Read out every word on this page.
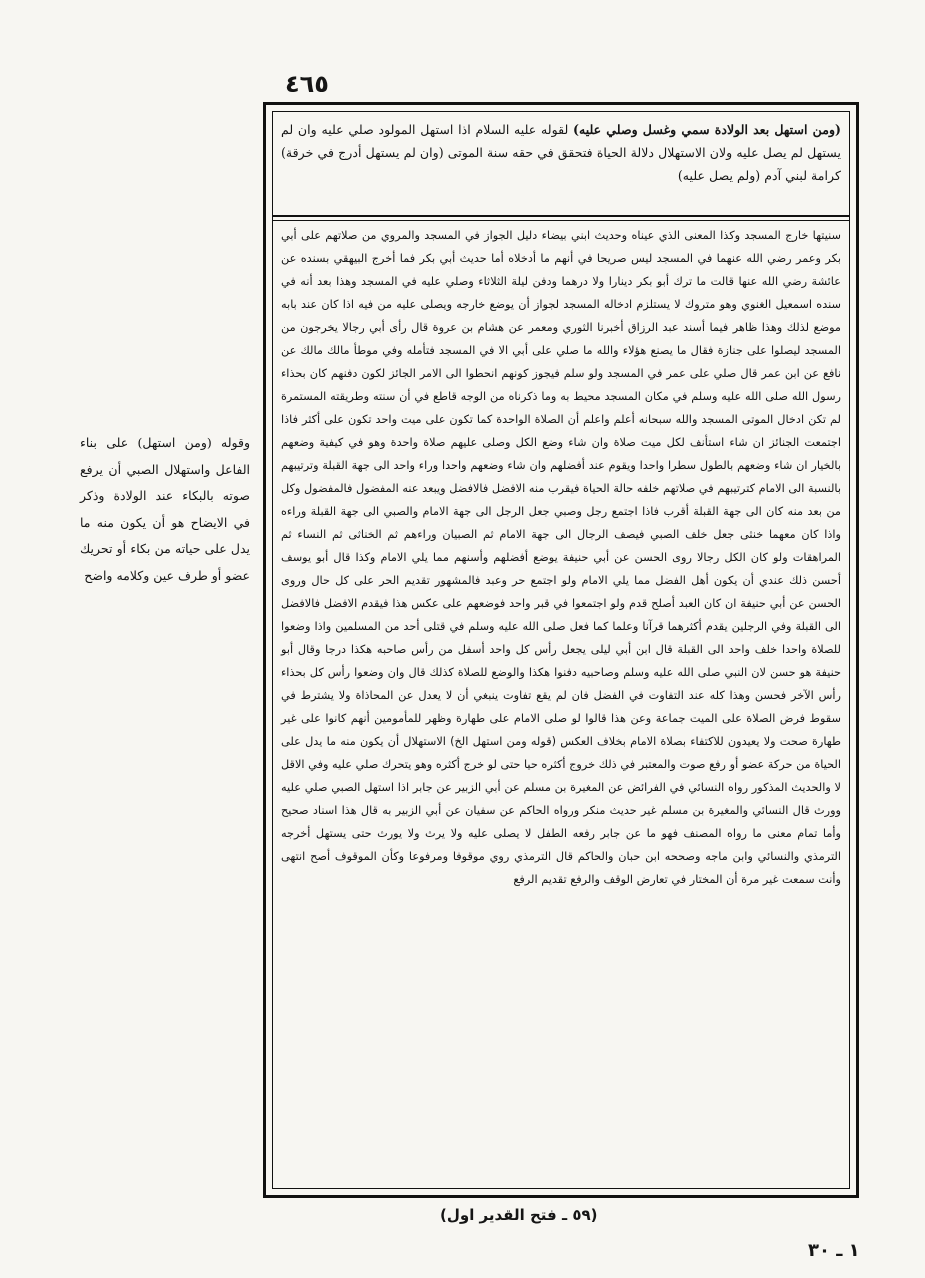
٤٦٥
(ومن استهل بعد الولادة سمي وغسل وصلي عليه) لقوله عليه السلام اذا استهل المولود صلي عليه وان لم يستهل لم يصل عليه ولان الاستهلال دلالة الحياة فتحقق في حقه سنة الموتى (وان لم يستهل أدرج في خرقة) كرامة لبني آدم (ولم يصل عليه)
سنيتها خارج المسجد وكذا المعنى الذي عيناه وحديث ابني بيضاء دليل الجواز في المسجد والمروي من صلاتهم على أبي بكر وعمر رضي الله عنهما في المسجد ليس صريحا في أنهم ما أدخلاه أما حديث أبي بكر فما أخرج البيهقي بسنده عن عائشة رضي الله عنها قالت ما ترك أبو بكر دينارا ولا درهما ودفن ليلة الثلاثاء وصلي عليه في المسجد وهذا بعد أنه في سنده اسمعيل الغنوي وهو متروك لا يستلزم ادخاله المسجد لجواز أن يوضع خارجه ويصلى عليه من فيه اذا كان عند بابه موضع لذلك وهذا ظاهر فيما أسند عبد الرزاق أخبرنا الثوري ومعمر عن هشام بن عروة قال رأى أبي رجالا يخرجون من المسجد ليصلوا على جنازة فقال ما يصنع هؤلاء والله ما صلي على أبي الا في المسجد فتأمله وفي موطأ مالك مالك عن نافع عن ابن عمر قال صلي على عمر في المسجد ولو سلم فيجوز كونهم انحطوا الى الامر الجائز لكون دفنهم كان بحذاء رسول الله صلى الله عليه وسلم في مكان المسجد محيط به وما ذكرناه من الوجه قاطع في أن سنته وطريقته المستمرة لم تكن ادخال الموتى المسجد والله سبحانه أعلم واعلم أن الصلاة الواحدة كما تكون على ميت واحد تكون على أكثر فاذا اجتمعت الجنائز ان شاء استأنف لكل ميت صلاة وان شاء وضع الكل وصلى عليهم صلاة واحدة وهو في كيفية وضعهم بالخيار ان شاء وضعهم بالطول سطرا واحدا ويقوم عند أفضلهم وان شاء وضعهم واحدا وراء واحد الى جهة القبلة وترتيبهم بالنسبة الى الامام كترتيبهم في صلاتهم خلفه حالة الحياة فيقرب منه الافضل فالافضل ويبعد عنه المفضول فالمفضول وكل من بعد منه كان الى جهة القبلة أقرب فاذا اجتمع رجل وصبي جعل الرجل الى جهة الامام والصبي الى جهة القبلة وراءه واذا كان معهما خنثى جعل خلف الصبي فيصف الرجال الى جهة الامام ثم الصبيان وراءهم ثم الخناثى ثم النساء ثم المراهقات ولو كان الكل رجالا روى الحسن عن أبي حنيفة يوضع أفضلهم وأسنهم مما يلي الامام وكذا قال أبو يوسف أحسن ذلك عندي أن يكون أهل الفضل مما يلي الامام ولو اجتمع حر وعبد فالمشهور تقديم الحر على كل حال وروى الحسن عن أبي حنيفة ان كان العبد أصلح قدم ولو اجتمعوا في قبر واحد فوضعهم على عكس هذا فيقدم الافضل فالافضل الى القبلة وفي الرجلين يقدم أكثرهما قرآنا وعلما كما فعل صلى الله عليه وسلم في قتلى أحد من المسلمين واذا وضعوا للصلاة واحدا خلف واحد الى القبلة قال ابن أبي ليلى يجعل رأس كل واحد أسفل من رأس صاحبه هكذا درجا وقال أبو حنيفة هو حسن لان النبي صلى الله عليه وسلم وصاحبيه دفنوا هكذا والوضع للصلاة كذلك قال وان وضعوا رأس كل بحذاء رأس الآخر فحسن وهذا كله عند التفاوت في الفضل فان لم يقع تفاوت ينبغي أن لا يعدل عن المحاذاة ولا يشترط في سقوط فرض الصلاة على الميت جماعة وعن هذا قالوا لو صلى الامام على طهارة وظهر للمأمومين أنهم كانوا على غير طهارة صحت ولا يعيدون للاكتفاء بصلاة الامام بخلاف العكس (قوله ومن استهل الخ) الاستهلال أن يكون منه ما يدل على الحياة من حركة عضو أو رفع صوت والمعتبر في ذلك خروج أكثره حيا حتى لو خرج أكثره وهو يتحرك صلي عليه وفي الاقل لا والحديث المذكور رواه النسائي في الفرائض عن المغيرة بن مسلم عن أبي الزبير عن جابر اذا استهل الصبي صلي عليه وورث قال النسائي والمغيرة بن مسلم غير حديث منكر ورواه الحاكم عن سفيان عن أبي الزبير به قال هذا اسناد صحيح وأما تمام معنى ما رواه المصنف فهو ما عن جابر رفعه الطفل لا يصلى عليه ولا يرث ولا يورث حتى يستهل أخرجه الترمذي والنسائي وابن ماجه وصححه ابن حبان والحاكم قال الترمذي روي موقوفا ومرفوعا وكأن الموقوف أصح انتهى وأنت سمعت غير مرة أن المختار في تعارض الوقف والرفع تقديم الرفع
وقوله (ومن استهل) على بناء الفاعل واستهلال الصبي أن يرفع صوته بالبكاء عند الولادة وذكر في الايضاح هو أن يكون منه ما يدل على حياته من بكاء أو تحريك عضو أو طرف عين وكلامه واضح
(٥٩ ـ فتح القدير اول)
١ ـ ٣٠
